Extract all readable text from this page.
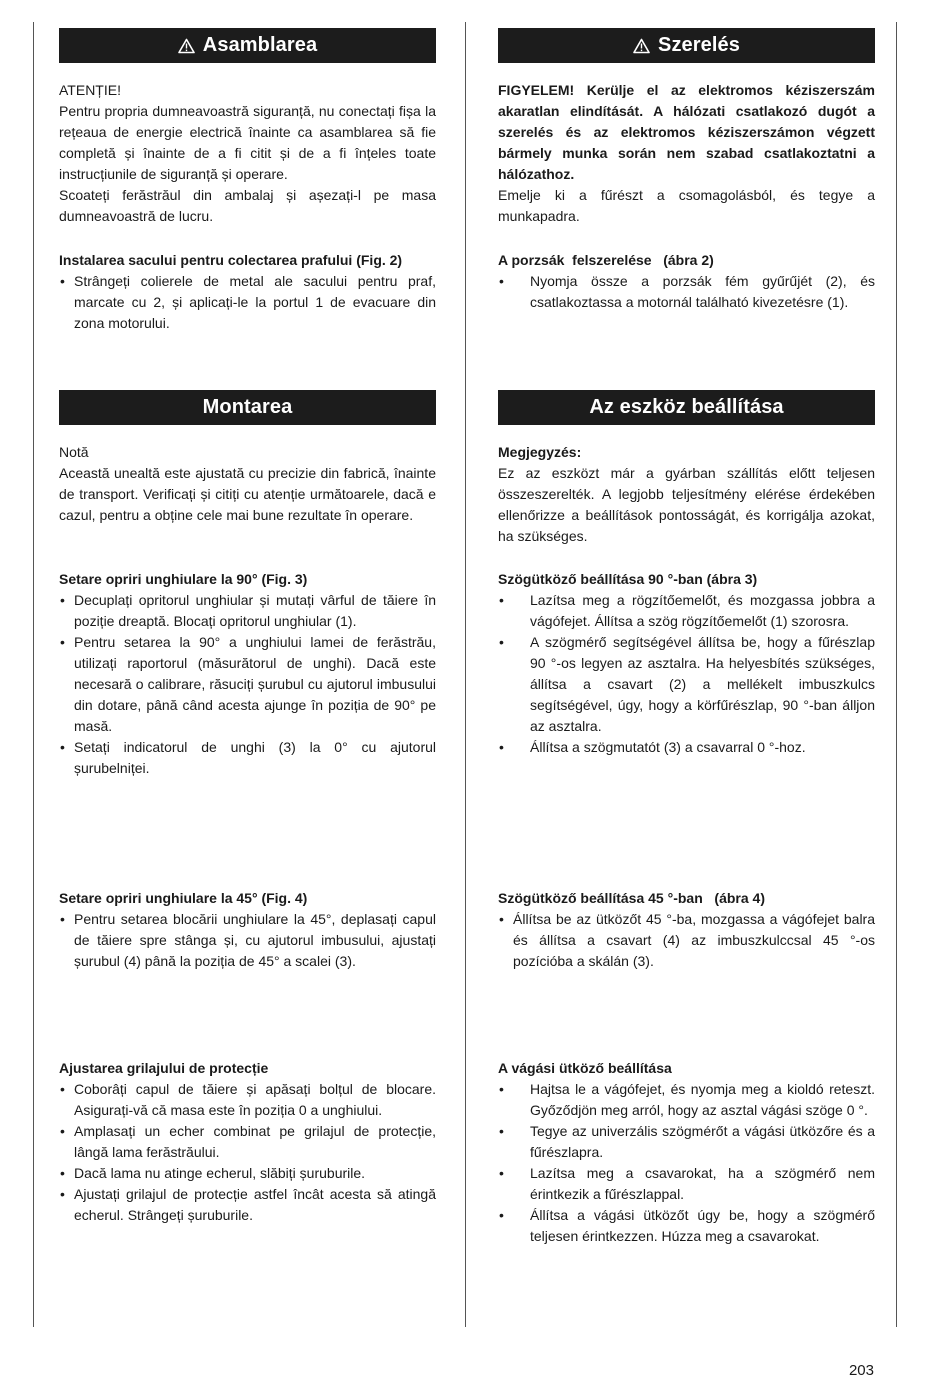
Asamblarea

ATENȚIE!

Pentru propria dumneavoastră siguranță, nu conectați fișa la rețeaua de energie electrică înainte ca asamblarea să fie completă și înainte de a fi citit și de a fi înțeles toate instrucțiunile de siguranță și operare.

Scoateți ferăstrăul din ambalaj și așezați-l pe masa dumneavoastră de lucru.

Instalarea sacului pentru colectarea prafului (Fig. 2)

• Strângeți colierele de metal ale sacului pentru praf, marcate cu 2, și aplicați-le la portul 1 de evacuare din zona motorului.
Montarea

Notă

Această unealtă este ajustată cu precizie din fabrică, înainte de transport. Verificați și citiți cu atenție următoarele, dacă e cazul, pentru a obține cele mai bune rezultate în operare.

Setare opriri unghiulare la 90° (Fig. 3)

• Decuplați opritorul unghiular și mutați vârful de tăiere în poziție dreaptă. Blocați opritorul unghiular (1).
• Pentru setarea la 90° a unghiului lamei de ferăstrău, utilizați raportorul (măsurătorul de unghi). Dacă este necesară o calibrare, răsuciți șurubul cu ajutorul imbusului din dotare, până când acesta ajunge în poziția de 90° pe masă.
• Setați indicatorul de unghi (3) la 0° cu ajutorul șurubelniței.

Setare opriri unghiulare la 45° (Fig. 4)

• Pentru setarea blocării unghiulare la 45°, deplasați capul de tăiere spre stânga și, cu ajutorul imbusului, ajustați șurubul (4) până la poziția de 45° a scalei (3).

Ajustarea grilajului de protecție

• Coborâți capul de tăiere și apăsați bolțul de blocare. Asigurați-vă că masa este în poziția 0 a unghiului.
• Amplasați un echer combinat pe grilajul de protecție, lângă lama ferăstrăului.
• Dacă lama nu atinge echerul, slăbiți șuruburile.
• Ajustați grilajul de protecție astfel încât acesta să atingă echerul. Strângeți șuruburile.
Szerelés

FIGYELEM! Kerülje el az elektromos kéziszerszám akaratlan elindítását. A hálózati csatlakozó dugót a szerelés és az elektromos kéziszerszámon végzett bármely munka során nem szabad csatlakoztatni a hálózathoz.

Emelje ki a fűrészt a csomagolásból, és tegye a munkapadra.

A porzsák  felszerelése   (ábra 2)

• Nyomja össze a porzsák fém gyűrűjét (2), és csatlakoztassa a motornál található kivezetésre (1).
Az eszköz beállítása

Megjegyzés:

Ez az eszközt már a gyárban szállítás előtt teljesen összeszerelték. A legjobb teljesítmény elérése érdekében ellenőrizze a beállítások pontosságát, és korrigálja azokat, ha szükséges.

Szögütköző beállítása 90 °-ban (ábra 3)

• Lazítsa meg a rögzítőemelőt, és mozgassa jobbra a vágófejet. Állítsa a szög rögzítőemelőt (1) szorosra.
• A szögmérő segítségével állítsa be, hogy a fűrészlap 90 °-os legyen az asztalra. Ha helyesbítés szükséges, állítsa a csavart (2) a mellékelt imbuszkulcs segítségével, úgy, hogy a körfűrészlap, 90 °-ban álljon az asztalra.
• Állítsa a szögmutatót (3) a csavarral 0 °-hoz.

Szögütköző beállítása 45 °-ban   (ábra 4)

• Állítsa be az ütközőt 45 °-ba, mozgassa a vágófejet balra és állítsa a csavart (4) az imbuszkulccsal 45 °-os pozícióba a skálán (3).

A vágási ütköző beállítása

• Hajtsa le a vágófejet, és nyomja meg a kioldó reteszt. Győződjön meg arról, hogy az asztal vágási szöge 0 °.
• Tegye az univerzális szögmérőt a vágási ütközőre és a fűrészlapra.
• Lazítsa meg a csavarokat, ha a szögmérő nem érintkezik a fűrészlappal.
• Állítsa a vágási ütközőt úgy be, hogy a szögmérő teljesen érintkezzen. Húzza meg a csavarokat.
203
